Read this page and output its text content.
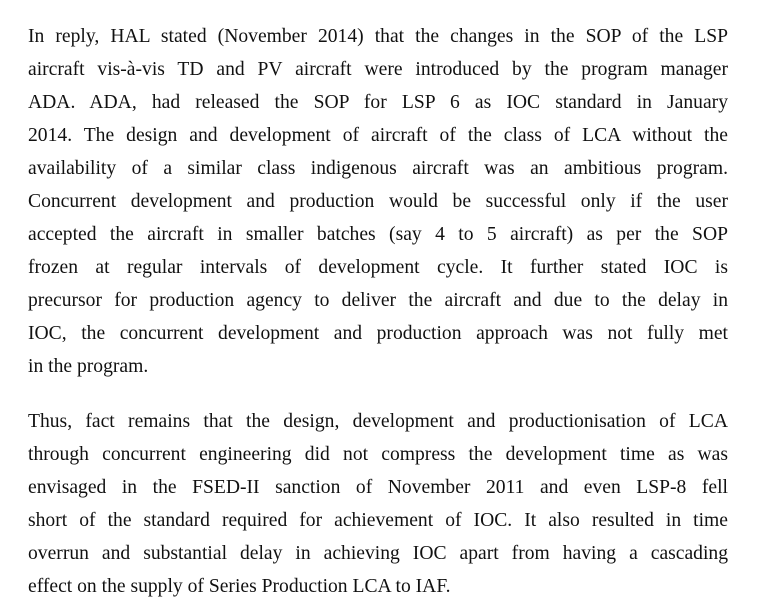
In reply, HAL stated (November 2014) that the changes in the SOP of the LSP
aircraft vis-à-vis TD and PV aircraft were introduced by the program manager
ADA. ADA, had released the SOP for LSP 6 as IOC standard in January
2014. The design and development of aircraft of the class of LCA without the
availability of a similar class indigenous aircraft was an ambitious program.
Concurrent development and production would be successful only if the user
accepted the aircraft in smaller batches (say 4 to 5 aircraft) as per the SOP
frozen at regular intervals of development cycle. It further stated IOC is
precursor for production agency to deliver the aircraft and due to the delay in
IOC, the concurrent development and production approach was not fully met
in the program.

Thus, fact remains that the design, development and productionisation of LCA
through concurrent engineering did not compress the development time as was
envisaged in the FSED-II sanction of November 2011 and even LSP-8 fell
short of the standard required for achievement of IOC. It also resulted in time
overrun and substantial delay in achieving IOC apart from having a cascading
effect on the supply of Series Production LCA to IAF.
